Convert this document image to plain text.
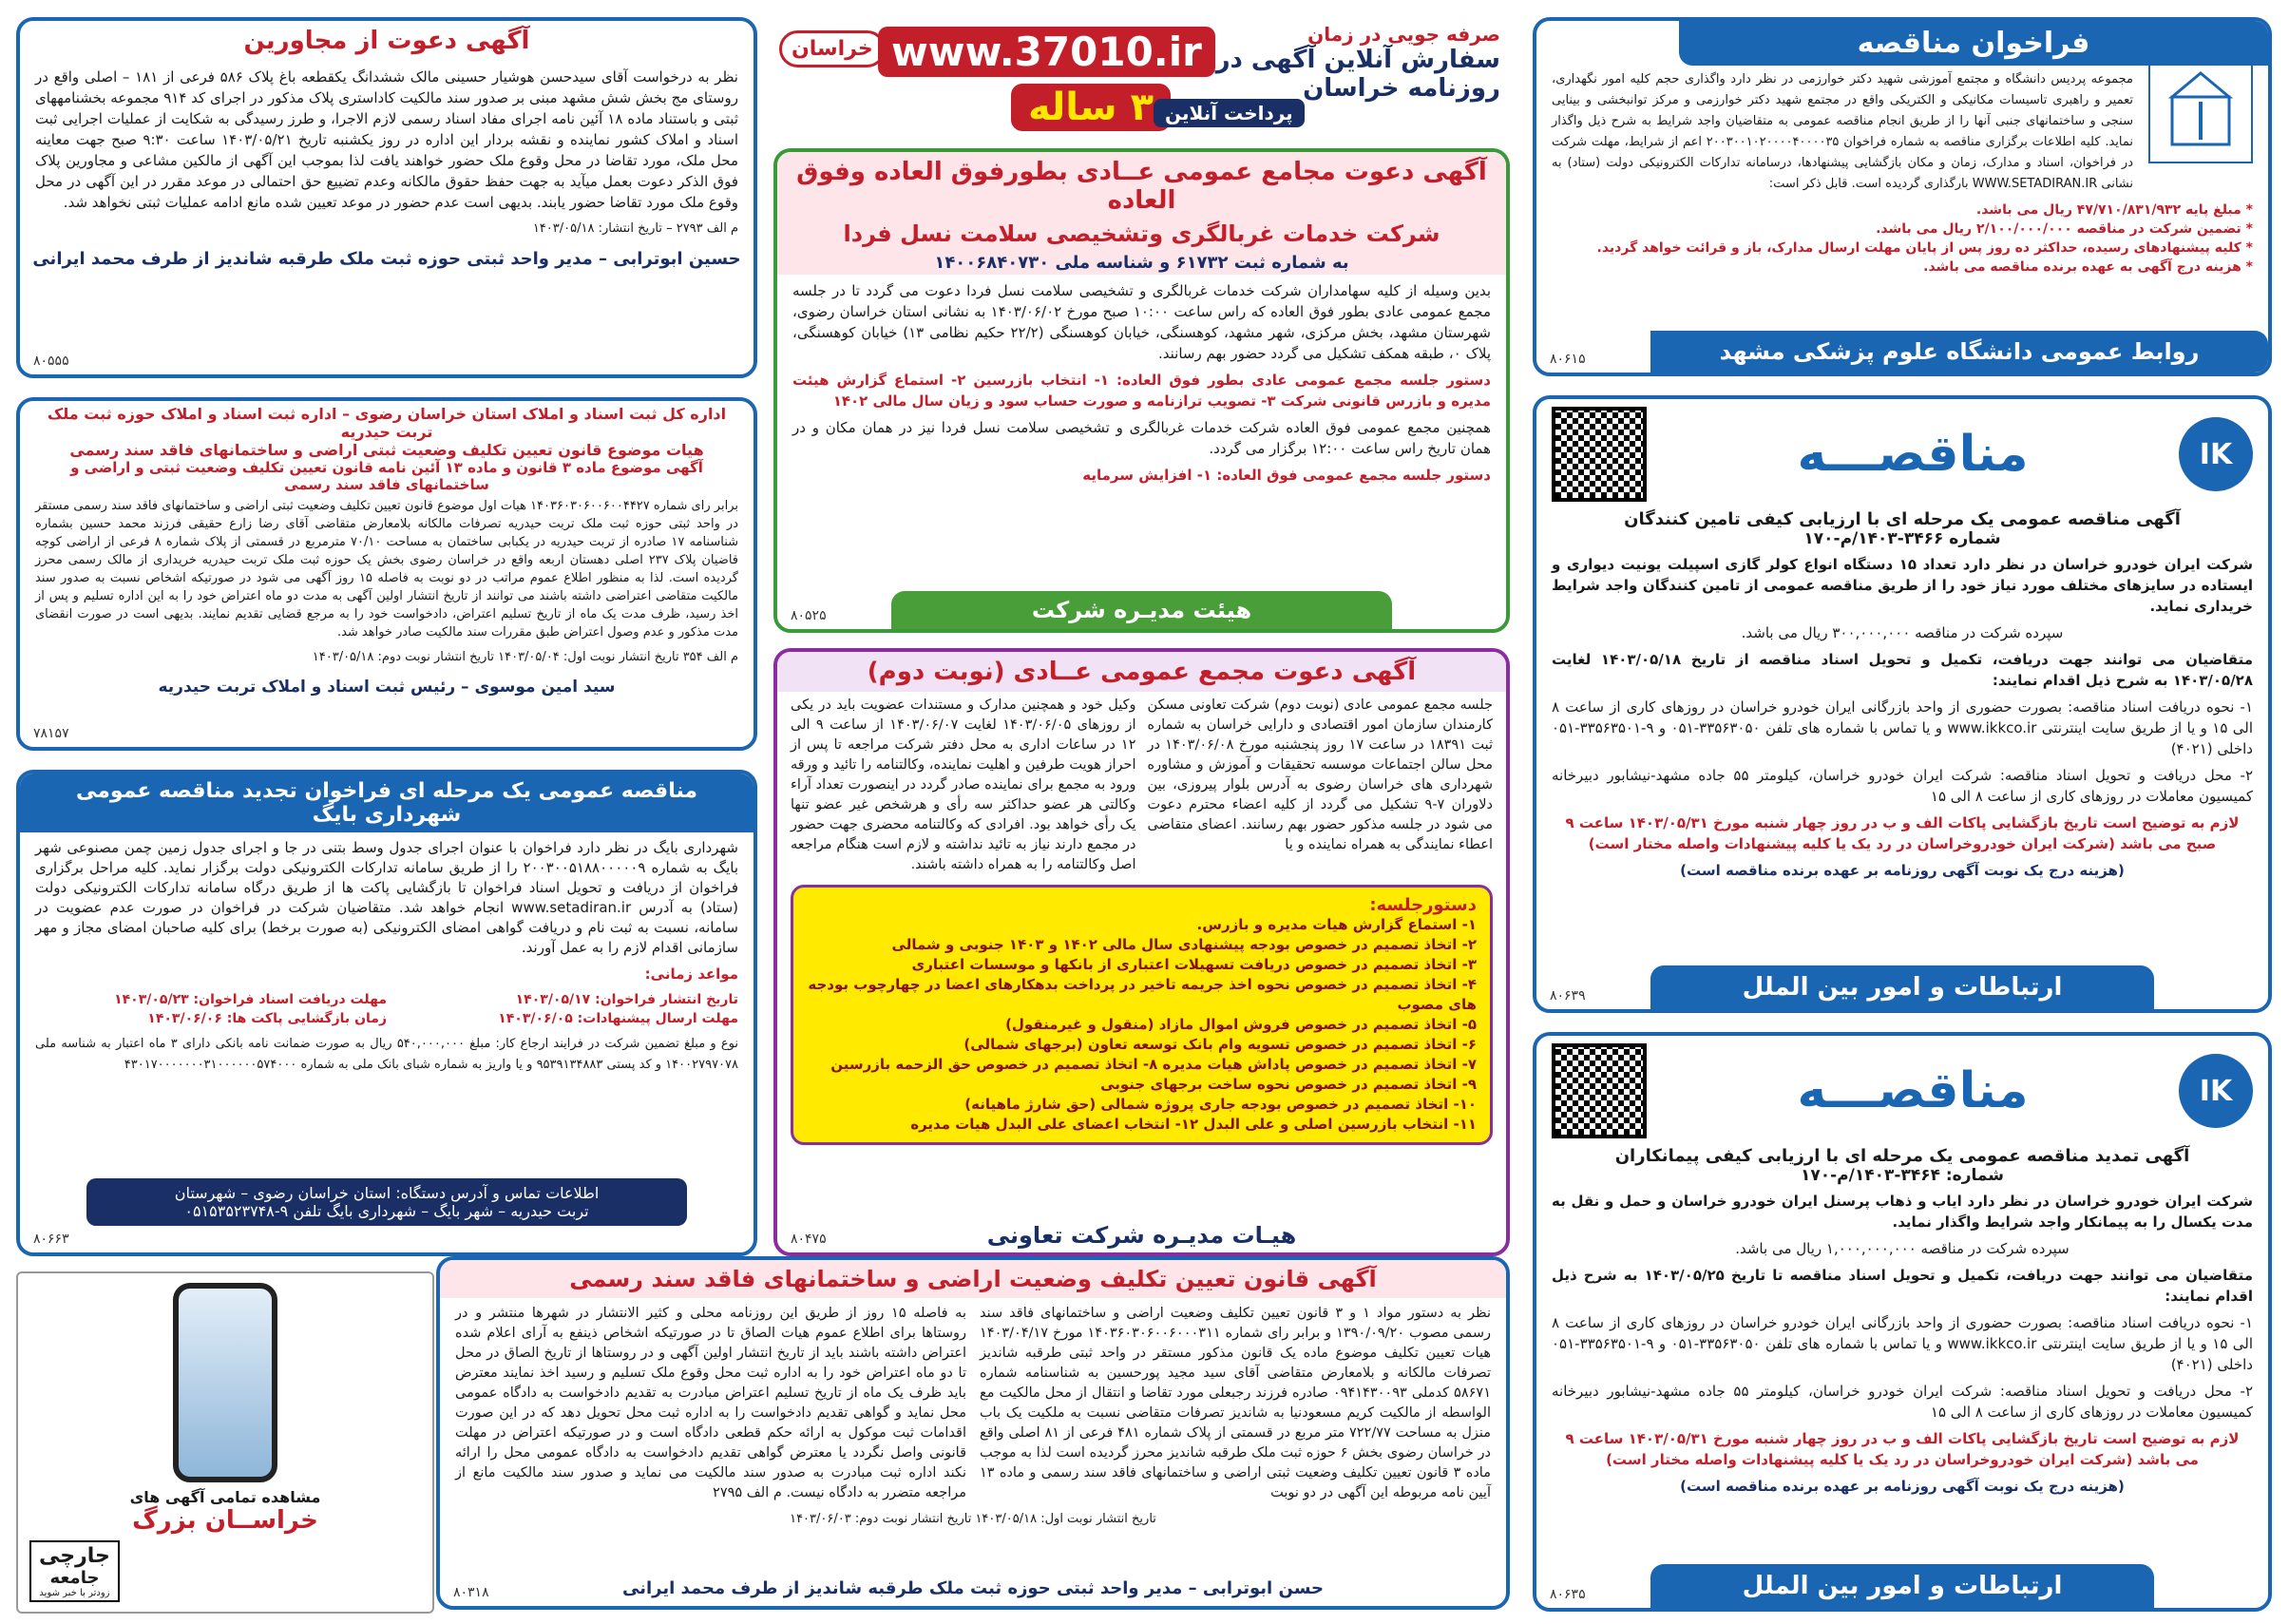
فراخوان مناقصه
مجموعه پردیس دانشگاه و مجتمع آموزشی شهید دکتر خوارزمی در نظر دارد واگذاری حجم کلیه امور نگهداری، تعمیر و راهبری تاسیسات مکانیکی و الکتریکی واقع در مجتمع شهید دکتر خوارزمی و مرکز توانبخشی و بینایی سنجی و ساختمانهای جنبی آنها را از طریق انجام مناقصه عمومی به متقاضیان واجد شرایط به شرح ذیل واگذار نماید. کلیه اطلاعات برگزاری مناقصه به شماره فراخوان ۲۰۰۳۰۰۱۰۲۰۰۰۰۴۰۰۰۰۳۵ اعم از شرایط، مهلت شرکت در فراخوان، اسناد و مدارک، زمان و مکان بازگشایی پیشنهادها، درسامانه تدارکات الکترونیکی دولت (ستاد) به نشانی WWW.SETADIRAN.IR بارگذاری گردیده است. قابل ذکر است:
* مبلغ پایه ۴۷/۷۱۰/۸۳۱/۹۳۲ ریال می باشد.
* تضمین شرکت در مناقصه ۲/۱۰۰/۰۰۰/۰۰۰ ریال می باشد.
* کلیه پیشنهادهای رسیده، حداکثر ده روز پس از پایان مهلت ارسال مدارک، باز و قرائت خواهد گردید.
* هزینه درج آگهی به عهده برنده مناقصه می باشد.
روابط عمومی دانشگاه علوم پزشکی مشهد
۸۰۶۱۵
IK
مناقصـــه
آگهی مناقصه عمومی یک مرحله ای با ارزیابی کیفی تامین کنندگان
شماره ۳۴۶۶-۱۴۰۳/م-۱۷۰
شرکت ایران خودرو خراسان در نظر دارد تعداد ۱۵ دستگاه انواع کولر گازی اسپیلت یونیت دیواری و ایستاده در سایزهای مختلف مورد نیاز خود را از طریق مناقصه عمومی از تامین کنندگان واجد شرایط خریداری نماید.
سپرده شرکت در مناقصه ۳۰۰,۰۰۰,۰۰۰ ریال می باشد.
متقاضیان می توانند جهت دریافت، تکمیل و تحویل اسناد مناقصه از تاریخ ۱۴۰۳/۰۵/۱۸ لغایت ۱۴۰۳/۰۵/۲۸ به شرح ذیل اقدام نمایند:
۱- نحوه دریافت اسناد مناقصه: بصورت حضوری از واحد بازرگانی ایران خودرو خراسان در روزهای کاری از ساعت ۸ الی ۱۵ و یا از طریق سایت اینترنتی www.ikkco.ir و یا تماس با شماره های تلفن ۳۳۵۶۳۰۵۰-۰۵۱ و ۹-۳۳۵۶۳۵۰۱-۰۵۱ داخلی (۴۰۲۱)
۲- محل دریافت و تحویل اسناد مناقصه: شرکت ایران خودرو خراسان، کیلومتر ۵۵ جاده مشهد-نیشابور دبیرخانه کمیسیون معاملات در روزهای کاری از ساعت ۸ الی ۱۵
لازم به توضیح است تاریخ بازگشایی پاکات الف و ب در روز چهار شنبه مورخ ۱۴۰۳/۰۵/۳۱ ساعت ۹ صبح می باشد (شرکت ایران خودروخراسان در رد یک یا کلیه پیشنهادات واصله مختار است)
(هزینه درج یک نوبت آگهی روزنامه بر عهده برنده مناقصه است)
ارتباطات و امور بین الملل
۸۰۶۳۹
IK
مناقصـــه
آگهی تمدید مناقصه عمومی یک مرحله ای با ارزیابی کیفی پیمانکاران
شماره: ۳۴۶۴-۱۴۰۳/م-۱۷۰
شرکت ایران خودرو خراسان در نظر دارد ایاب و ذهاب پرسنل ایران خودرو خراسان و حمل و نقل به مدت یکسال را به پیمانکار واجد شرایط واگذار نماید.
سپرده شرکت در مناقصه ۱,۰۰۰,۰۰۰,۰۰۰ ریال می باشد.
متقاضیان می توانند جهت دریافت، تکمیل و تحویل اسناد مناقصه تا تاریخ ۱۴۰۳/۰۵/۲۵ به شرح ذیل اقدام نمایند:
۱- نحوه دریافت اسناد مناقصه: بصورت حضوری از واحد بازرگانی ایران خودرو خراسان در روزهای کاری از ساعت ۸ الی ۱۵ و یا از طریق سایت اینترنتی www.ikkco.ir و یا تماس با شماره های تلفن ۳۳۵۶۳۰۵۰-۰۵۱ و ۹-۳۳۵۶۳۵۰۱-۰۵۱ داخلی (۴۰۲۱)
۲- محل دریافت و تحویل اسناد مناقصه: شرکت ایران خودرو خراسان، کیلومتر ۵۵ جاده مشهد-نیشابور دبیرخانه کمیسیون معاملات در روزهای کاری از ساعت ۸ الی ۱۵
لازم به توضیح است تاریخ بازگشایی پاکات الف و ب در روز چهار شنبه مورخ ۱۴۰۳/۰۵/۳۱ ساعت ۹ می باشد (شرکت ایران خودروخراسان در رد یک یا کلیه پیشنهادات واصله مختار است)
(هزینه درج یک نوبت آگهی روزنامه بر عهده برنده مناقصه است)
ارتباطات و امور بین الملل
۸۰۶۳۵
صرفه جویی در زمان
سفارش آنلاین آگهی در
روزنامه خراسان
www.37010.ir
۳ ساله پرداخت آنلاین
خراسان
آگهی دعوت مجامع عمومی عــادی بطورفوق العاده وفوق العاده
شرکت خدمات غربالگری وتشخیصی سلامت نسل فردا
به شماره ثبت ۶۱۷۳۲ و شناسه ملی ۱۴۰۰۶۸۴۰۷۳۰
بدین وسیله از کلیه سهامداران شرکت خدمات غربالگری و تشخیصی سلامت نسل فردا دعوت می گردد تا در جلسه مجمع عمومی عادی بطور فوق العاده که راس ساعت ۱۰:۰۰ صبح مورخ ۱۴۰۳/۰۶/۰۲ به نشانی استان خراسان رضوی، شهرستان مشهد، بخش مرکزی، شهر مشهد، کوهسنگی، خیابان کوهسنگی (۲۲/۲ حکیم نظامی ۱۳) خیابان کوهسنگی، پلاک ۰، طبقه همکف تشکیل می گردد حضور بهم رسانند.
دستور جلسه مجمع عمومی عادی بطور فوق العاده: ۱- انتخاب بازرسین ۲- استماع گزارش هیئت مدیره و بازرس قانونی شرکت ۳- تصویب ترازنامه و صورت حساب سود و زیان سال مالی ۱۴۰۲
همچنین مجمع عمومی فوق العاده شرکت خدمات غربالگری و تشخیصی سلامت نسل فردا نیز در همان مکان و در همان تاریخ راس ساعت ۱۲:۰۰ برگزار می گردد.
دستور جلسه مجمع عمومی فوق العاده: ۱- افزایش سرمایه
هیئت مدیـره شرکت
۸۰۵۲۵
آگهی دعوت مجمع عمومی عــادی (نوبت دوم)
جلسه مجمع عمومی عادی (نوبت دوم) شرکت تعاونی مسکن کارمندان سازمان امور اقتصادی و دارایی خراسان به شماره ثبت ۱۸۳۹۱ در ساعت ۱۷ روز پنجشنبه مورخ ۱۴۰۳/۰۶/۰۸ در محل سالن اجتماعات موسسه تحقیقات و آموزش و مشاوره شهرداری های خراسان رضوی به آدرس بلوار پیروزی، بین دلاوران ۷-۹ تشکیل می گردد از کلیه اعضاء محترم دعوت می شود در جلسه مذکور حضور بهم رسانند. اعضای متقاضی اعطاء نمایندگی به همراه نماینده و یا
وکیل خود و همچنین مدارک و مستندات عضویت باید در یکی از روزهای ۱۴۰۳/۰۶/۰۵ لغایت ۱۴۰۳/۰۶/۰۷ از ساعت ۹ الی ۱۲ در ساعات اداری به محل دفتر شرکت مراجعه تا پس از احراز هویت طرفین و اهلیت نماینده، وکالتنامه را تائید و ورقه ورود به مجمع برای نماینده صادر گردد در اینصورت تعداد آراء وکالتی هر عضو حداکثر سه رأی و هرشخص غیر عضو تنها یک رأی خواهد بود. افرادی که وکالتنامه محضری جهت حضور در مجمع دارند نیاز به تائید نداشته و لازم است هنگام مراجعه اصل وکالتنامه را به همراه داشته باشند.
دستورجلسه:
۱- استماع گزارش هیات مدیره و بازرس.
۲- اتخاذ تصمیم در خصوص بودجه پیشنهادی سال مالی ۱۴۰۲ و ۱۴۰۳ جنوبی و شمالی
۳- اتخاذ تصمیم در خصوص دریافت تسهیلات اعتباری از بانکها و موسسات اعتباری
۴- اتخاذ تصمیم در خصوص نحوه اخذ جریمه تاخیر در پرداخت بدهکارهای اعضا در چهارچوب بودجه های مصوب
۵- اتخاذ تصمیم در خصوص فروش اموال مازاد (منقول و غیرمنقول)
۶- اتخاذ تصمیم در خصوص تسویه وام بانک توسعه تعاون (برجهای شمالی)
۷- اتخاذ تصمیم در خصوص پاداش هیات مدیره ۸- اتخاذ تصمیم در خصوص حق الزحمه بازرسین
۹- اتخاذ تصمیم در خصوص نحوه ساخت برجهای جنوبی
۱۰- اتخاذ تصمیم در خصوص بودجه جاری پروژه شمالی (حق شارژ ماهیانه)
۱۱- انتخاب بازرسین اصلی و علی البدل ۱۲- انتخاب اعضای علی البدل هیات مدیره
هیـات مدیـره شرکت تعاونی
۸۰۴۷۵
آگهی دعوت از مجاورین
نظر به درخواست آقای سیدحسن هوشیار حسینی مالک ششدانگ یکقطعه باغ پلاک ۵۸۶ فرعی از ۱۸۱ – اصلی واقع در روستای مج بخش شش مشهد مبنی بر صدور سند مالکیت کاداستری پلاک مذکور در اجرای کد ۹۱۴ مجموعه بخشنامههای ثبتی و باستناد ماده ۱۸ آئین نامه اجرای مفاد اسناد رسمی لازم الاجرا، و طرز رسیدگی به شکایت از عملیات اجرایی ثبت اسناد و املاک کشور نماینده و نقشه بردار این اداره در روز یکشنبه تاریخ ۱۴۰۳/۰۵/۲۱ ساعت ۹:۳۰ صبح جهت معاینه محل ملک، مورد تقاضا در محل وقوع ملک حضور خواهند یافت لذا بموجب این آگهی از مالکین مشاعی و مجاورین پلاک فوق الذکر دعوت بعمل میآید به جهت حفظ حقوق مالکانه وعدم تضییع حق احتمالی در موعد مقرر در این آگهی در محل وقوع ملک مورد تقاضا حضور یابند. بدیهی است عدم حضور در موعد تعیین شده مانع ادامه عملیات ثبتی نخواهد شد.
م الف ۲۷۹۳ – تاریخ انتشار: ۱۴۰۳/۰۵/۱۸
حسین ابوترابی – مدیر واحد ثبتی حوزه ثبت ملک طرقبه شاندیز از طرف محمد ایرانی
۸۰۵۵۵
اداره کل ثبت اسناد و املاک استان خراسان رضوی – اداره ثبت اسناد و املاک حوزه ثبت ملک تربت حیدریه
هیات موضوع قانون تعیین تکلیف وضعیت ثبتی اراضی و ساختمانهای فاقد سند رسمی
آگهی موضوع ماده ۳ قانون و ماده ۱۳ آئین نامه قانون تعیین تکلیف وضعیت ثبتی و اراضی و ساختمانهای فاقد سند رسمی
برابر رای شماره ۱۴۰۳۶۰۳۰۶۰۰۶۰۰۴۴۲۷ هیات اول موضوع قانون تعیین تکلیف وضعیت ثبتی اراضی و ساختمانهای فاقد سند رسمی مستقر در واحد ثبتی حوزه ثبت ملک تربت حیدریه تصرفات مالکانه بلامعارض متقاضی آقای رضا زارع حقیقی فرزند محمد حسین بشماره شناسنامه ۱۷ صادره از تربت حیدریه در یکبابی ساختمان به مساحت ۷۰/۱۰ مترمربع در قسمتی از پلاک شماره ۸ فرعی از اراضی کوچه قاضیان پلاک ۲۳۷ اصلی دهستان اربعه واقع در خراسان رضوی بخش یک حوزه ثبت ملک تربت حیدریه خریداری از مالک رسمی محرز گردیده است. لذا به منظور اطلاع عموم مراتب در دو نوبت به فاصله ۱۵ روز آگهی می شود در صورتیکه اشخاص نسبت به صدور سند مالکیت متقاضی اعتراضی داشته باشند می توانند از تاریخ انتشار اولین آگهی به مدت دو ماه اعتراض خود را به این اداره تسلیم و پس از اخذ رسید، ظرف مدت یک ماه از تاریخ تسلیم اعتراض، دادخواست خود را به مرجع قضایی تقدیم نمایند. بدیهی است در صورت انقضای مدت مذکور و عدم وصول اعتراض طبق مقررات سند مالکیت صادر خواهد شد.
م الف ۳۵۴ تاریخ انتشار نوبت اول: ۱۴۰۳/۰۵/۰۴ تاریخ انتشار نوبت دوم: ۱۴۰۳/۰۵/۱۸
سید امین موسوی – رئیس ثبت اسناد و املاک تربت حیدریه
۷۸۱۵۷
مناقصه عمومی یک مرحله ای فراخوان تجدید مناقصه عمومی شهرداری بایگ
شهرداری بایگ در نظر دارد فراخوان با عنوان اجرای جدول وسط بتنی در جا و اجرای جدول زمین چمن مصنوعی شهر بایگ به شماره ۲۰۰۳۰۰۵۱۸۸۰۰۰۰۰۹ را از طریق سامانه تدارکات الکترونیکی دولت برگزار نماید. کلیه مراحل برگزاری فراخوان از دریافت و تحویل اسناد فراخوان تا بازگشایی پاکت ها از طریق درگاه سامانه تدارکات الکترونیکی دولت (ستاد) به آدرس www.setadiran.ir انجام خواهد شد. متقاضیان شرکت در فراخوان در صورت عدم عضویت در سامانه، نسبت به ثبت نام و دریافت گواهی امضای الکترونیکی (به صورت برخط) برای کلیه صاحبان امضای مجاز و مهر سازمانی اقدام لازم را به عمل آورند.
مواعد زمانی:
تاریخ انتشار فراخوان: ۱۴۰۳/۰۵/۱۷
مهلت دریافت اسناد فراخوان: ۱۴۰۳/۰۵/۲۳
مهلت ارسال پیشنهادات: ۱۴۰۳/۰۶/۰۵
زمان بازگشایی پاکت ها: ۱۴۰۳/۰۶/۰۶
نوع و مبلغ تضمین شرکت در فرایند ارجاع کار: مبلغ ۵۴۰,۰۰۰,۰۰۰ ریال به صورت ضمانت نامه بانکی دارای ۳ ماه اعتبار به شناسه ملی ۱۴۰۰۲۷۹۷۰۷۸ و کد پستی ۹۵۳۹۱۳۴۸۸۳ و یا واریز به شماره شبای بانک ملی به شماره ۴۳۰۱۷۰۰۰۰۰۰۰۳۱۰۰۰۰۰۰۵۷۴۰۰۰
اطلاعات تماس و آدرس دستگاه: استان خراسان رضوی – شهرستان
تربت حیدریه – شهر بایگ – شهرداری بایگ تلفن ۹-۰۵۱۵۳۵۲۳۷۴۸
۸۰۶۶۳
مشاهده تمامی آگهی های
خراســان بزرگ
جارچی
جامعه
زودتر با خبر شوید
آگهی قانون تعیین تکلیف وضعیت اراضی و ساختمانهای فاقد سند رسمی
نظر به دستور مواد ۱ و ۳ قانون تعیین تکلیف وضعیت اراضی و ساختمانهای فاقد سند رسمی مصوب ۱۳۹۰/۰۹/۲۰ و برابر رای شماره ۱۴۰۳۶۰۳۰۶۰۰۶۰۰۰۳۱۱ مورخ ۱۴۰۳/۰۴/۱۷ هیات تعیین تکلیف موضوع ماده یک قانون مذکور مستقر در واحد ثبتی طرقبه شاندیز تصرفات مالکانه و بلامعارض متقاضی آقای سید مجید پورحسین به شناسنامه شماره ۵۸۶۷۱ کدملی ۰۹۴۱۴۳۰۰۹۳ صادره فرزند رجبعلی مورد تقاضا و انتقال از محل مالکیت مع الواسطه از مالکیت کریم مسعودنیا به شاندیز تصرفات متقاضی نسبت به ملکیت یک باب منزل به مساحت ۷۲۲/۷۷ متر مربع در قسمتی از پلاک شماره ۴۸۱ فرعی از ۸۱ اصلی واقع در خراسان رضوی بخش ۶ حوزه ثبت ملک طرقبه شاندیز محرز گردیده است لذا به موجب ماده ۳ قانون تعیین تکلیف وضعیت ثبتی اراضی و ساختمانهای فاقد سند رسمی و ماده ۱۳ آیین نامه مربوطه این آگهی در دو نوبت
به فاصله ۱۵ روز از طریق این روزنامه محلی و کثیر الانتشار در شهرها منتشر و در روستاها برای اطلاع عموم هیات الصاق تا در صورتیکه اشخاص ذینفع به آرای اعلام شده اعتراض داشته باشند باید از تاریخ انتشار اولین آگهی و در روستاها از تاریخ الصاق در محل تا دو ماه اعتراض خود را به اداره ثبت محل وقوع ملک تسلیم و رسید اخذ نمایند معترض باید ظرف یک ماه از تاریخ تسلیم اعتراض مبادرت به تقدیم دادخواست به دادگاه عمومی محل نماید و گواهی تقدیم دادخواست را به اداره ثبت محل تحویل دهد که در این صورت اقدامات ثبت موکول به ارائه حکم قطعی دادگاه است و در صورتیکه اعتراض در مهلت قانونی واصل نگردد یا معترض گواهی تقدیم دادخواست به دادگاه عمومی محل را ارائه نکند اداره ثبت مبادرت به صدور سند مالکیت می نماید و صدور سند مالکیت مانع از مراجعه متضرر به دادگاه نیست. م الف ۲۷۹۵
تاریخ انتشار نوبت اول: ۱۴۰۳/۰۵/۱۸ تاریخ انتشار نوبت دوم: ۱۴۰۳/۰۶/۰۳
حسن ابوترابی – مدیر واحد ثبتی حوزه ثبت ملک طرقبه شاندیز از طرف محمد ایرانی
۸۰۳۱۸
